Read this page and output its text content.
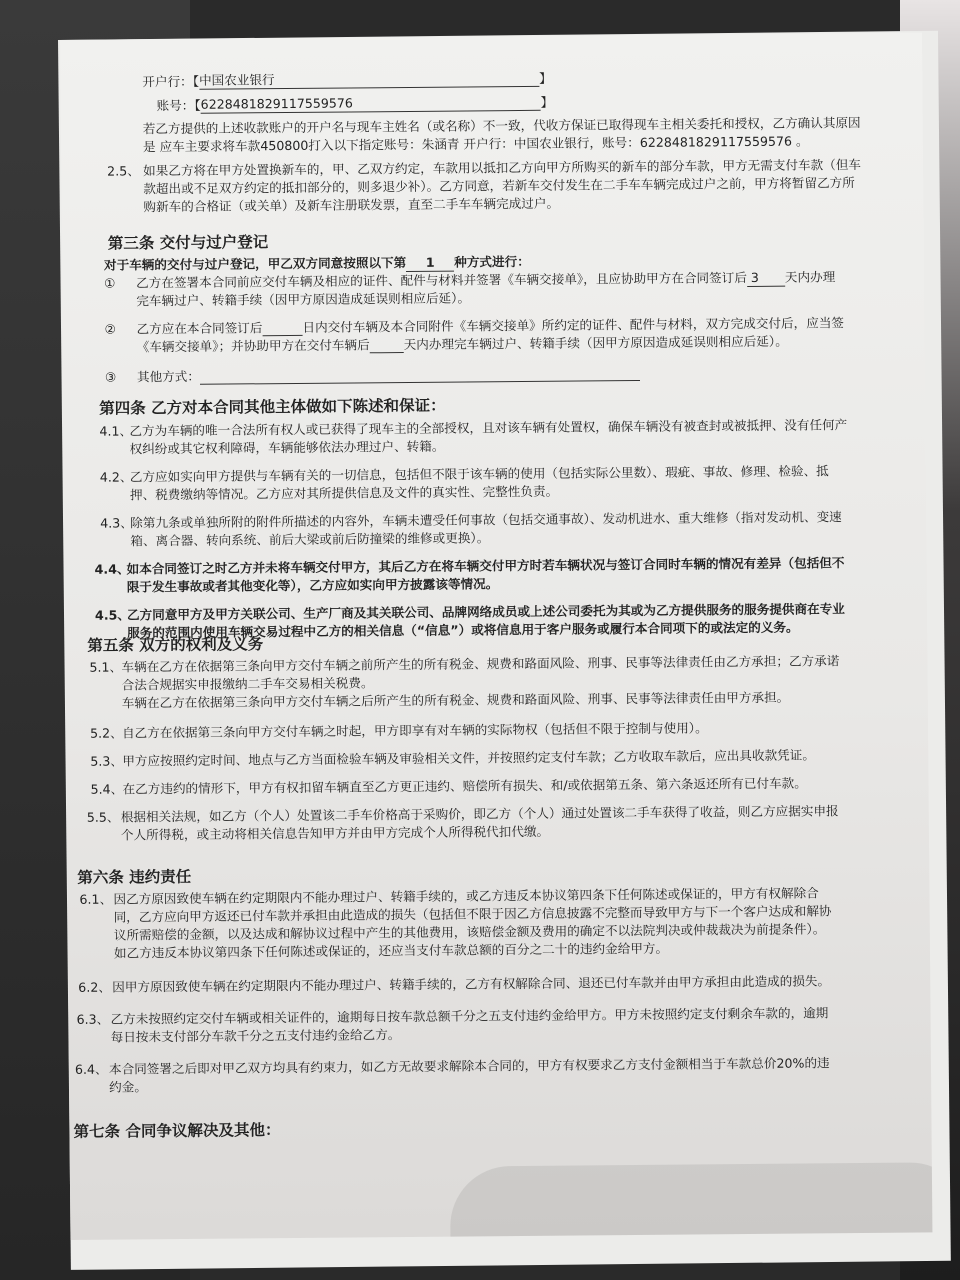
开户行：【中国农业银行	】
账号：【6228481829117559576	】
若乙方提供的上述收款账户的开户名与现车主姓名（或名称）不一致，代收方保证已取得现车主相关委托和授权，乙方确认其原因
是 应车主要求将车款450800打入以下指定账号：朱涵青 开户行：中国农业银行，账号：6228481829117559576 。
2.5、 如果乙方将在甲方处置换新车的，甲、乙双方约定，车款用以抵扣乙方向甲方所购买的新车的部分车款，甲方无需支付车款（但车
款超出或不足双方约定的抵扣部分的，则多退少补）。乙方同意，若新车交付发生在二手车车辆完成过户之前，甲方将暂留乙方所
购新车的合格证（或关单）及新车注册联发票，直至二手车车辆完成过户。
第三条 交付与过户登记
对于车辆的交付与过户登记，甲乙双方同意按照以下第 1 种方式进行：
① 乙方在签署本合同前应交付车辆及相应的证件、配件与材料并签署《车辆交接单》，且应协助甲方在合同签订后 3 天内办理
完车辆过户、转籍手续（因甲方原因造成延误则相应后延）。
② 乙方应在本合同签订后	日内交付车辆及本合同附件《车辆交接单》所约定的证件、配件与材料，双方完成交付后，应当签
《车辆交接单》；并协助甲方在交付车辆后	天内办理完车辆过户、转籍手续（因甲方原因造成延误则相应后延）。
③ 其他方式：
第四条 乙方对本合同其他主体做如下陈述和保证：
4.1、
乙方为车辆的唯一合法所有权人或已获得了现车主的全部授权，且对该车辆有处置权，确保车辆没有被查封或被抵押、没有任何产
权纠纷或其它权利障碍，车辆能够依法办理过户、转籍。
4.2、
乙方应如实向甲方提供与车辆有关的一切信息，包括但不限于该车辆的使用（包括实际公里数）、瑕疵、事故、修理、检验、抵
押、税费缴纳等情况。乙方应对其所提供信息及文件的真实性、完整性负责。
4.3、
除第九条或单独所附的附件所描述的内容外，车辆未遭受任何事故（包括交通事故）、发动机进水、重大维修（指对发动机、变速
箱、离合器、转向系统、前后大梁或前后防撞梁的维修或更换）。
4.4、
如本合同签订之时乙方并未将车辆交付甲方，其后乙方在将车辆交付甲方时若车辆状况与签订合同时车辆的情况有差异（包括但不
限于发生事故或者其他变化等），乙方应如实向甲方披露该等情况。
4.5、
乙方同意甲方及甲方关联公司、生产厂商及其关联公司、品牌网络成员或上述公司委托为其或为乙方提供服务的服务提供商在专业
服务的范围内使用车辆交易过程中乙方的相关信息（“信息”）或将信息用于客户服务或履行本合同项下的或法定的义务。
第五条 双方的权利及义务
5.1、 车辆在乙方在依据第三条向甲方交付车辆之前所产生的所有税金、规费和路面风险、刑事、民事等法律责任由乙方承担；乙方承诺
合法合规据实申报缴纳二手车交易相关税费。
车辆在乙方在依据第三条向甲方交付车辆之后所产生的所有税金、规费和路面风险、刑事、民事等法律责任由甲方承担。
5.2、 自乙方在依据第三条向甲方交付车辆之时起，甲方即享有对车辆的实际物权（包括但不限于控制与使用）。
5.3、 甲方应按照约定时间、地点与乙方当面检验车辆及审验相关文件，并按照约定支付车款；乙方收取车款后，应出具收款凭证。
5.4、 在乙方违约的情形下，甲方有权扣留车辆直至乙方更正违约、赔偿所有损失、和/或依据第五条、第六条返还所有已付车款。
5.5、 根据相关法规，如乙方（个人）处置该二手车价格高于采购价，即乙方（个人）通过处置该二手车获得了收益，则乙方应据实申报
个人所得税，或主动将相关信息告知甲方并由甲方完成个人所得税代扣代缴。
第六条 违约责任
6.1、 因乙方原因致使车辆在约定期限内不能办理过户、转籍手续的，或乙方违反本协议第四条下任何陈述或保证的，甲方有权解除合
同，乙方应向甲方返还已付车款并承担由此造成的损失（包括但不限于因乙方信息披露不完整而导致甲方与下一个客户达成和解协
议所需赔偿的金额，以及达成和解协议过程中产生的其他费用，该赔偿金额及费用的确定不以法院判决或仲裁裁决为前提条件）。
如乙方违反本协议第四条下任何陈述或保证的，还应当支付车款总额的百分之二十的违约金给甲方。
6.2、 因甲方原因致使车辆在约定期限内不能办理过户、转籍手续的，乙方有权解除合同、退还已付车款并由甲方承担由此造成的损失。
6.3、 乙方未按照约定交付车辆或相关证件的，逾期每日按车款总额千分之五支付违约金给甲方。甲方未按照约定支付剩余车款的，逾期
每日按未支付部分车款千分之五支付违约金给乙方。
6.4、 本合同签署之后即对甲乙双方均具有约束力，如乙方无故要求解除本合同的，甲方有权要求乙方支付金额相当于车款总价20%的违
约金。
第七条 合同争议解决及其他：
